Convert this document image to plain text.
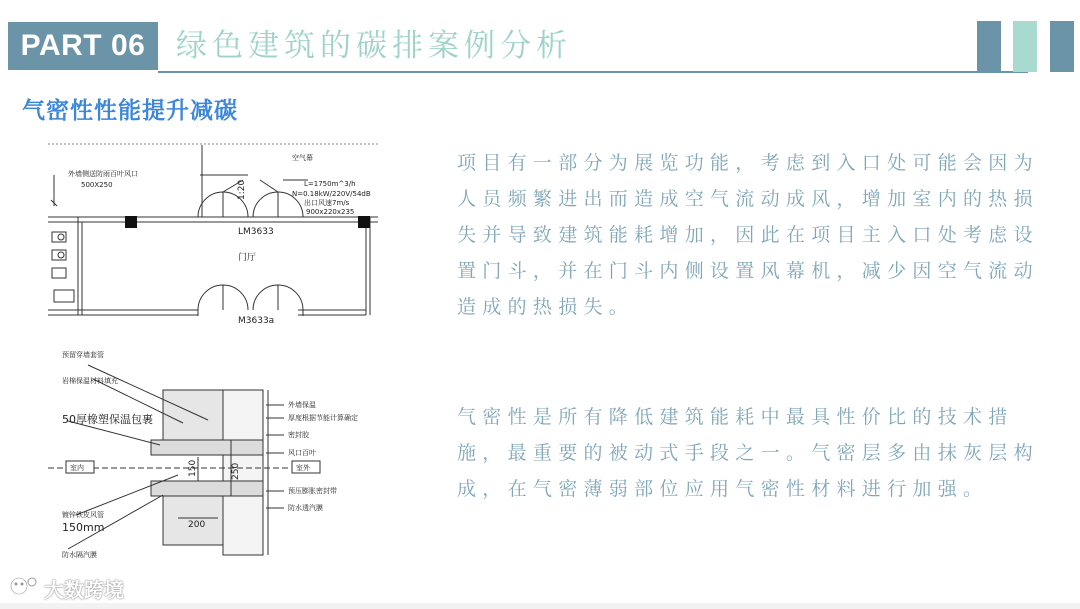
PART 06 绿色建筑的碳排案例分析
气密性性能提升减碳

项目有一部分为展览功能，考虑到入口处可能会因为人员频繁进出而造成空气流动成风，增加室内的热损失并导致建筑能耗增加，因此在项目主入口处考虑设置门斗，并在门斗内侧设置风幕机，减少因空气流动造成的热损失。

气密性是所有降低建筑能耗中最具性价比的技术措施，最重要的被动式手段之一。气密层多由抹灰层构成，在气密薄弱部位应用气密性材料进行加强。

外墙侧送防雨百叶风口
500X250
空气幕
L=1750m^3/h
N=0.18kW/220V/54dB
出口风速7m/s
900x220x235
LM3633
门厅
M3633a
1:20
预留穿墙套管
岩棉保温材料填充
50厚橡塑保温包裹
室内
镀锌铁皮风管
150mm
防水隔汽膜
外墙保温
厚度根据节能计算确定
密封胶
风口百叶
室外
预压膨胀密封带
防水透汽膜
150	250
200
大数跨境
